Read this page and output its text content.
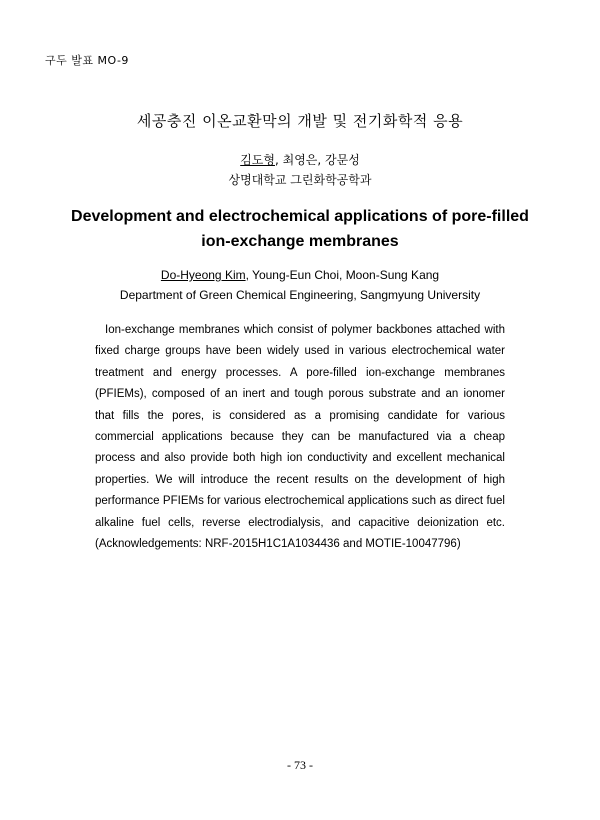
구두 발표 MO-9
세공충진 이온교환막의 개발 및 전기화학적 응용
김도형, 최영은, 강문성
상명대학교 그린화학공학과
Development and electrochemical applications of pore-filled ion-exchange membranes
Do-Hyeong Kim, Young-Eun Choi, Moon-Sung Kang
Department of Green Chemical Engineering, Sangmyung University

Ion-exchange membranes which consist of polymer backbones attached with fixed charge groups have been widely used in various electrochemical water treatment and energy processes. A pore-filled ion-exchange membranes (PFIEMs), composed of an inert and tough porous substrate and an ionomer that fills the pores, is considered as a promising candidate for various commercial applications because they can be manufactured via a cheap process and also provide both high ion conductivity and excellent mechanical properties. We will introduce the recent results on the development of high performance PFIEMs for various electrochemical applications such as direct fuel alkaline fuel cells, reverse electrodialysis, and capacitive deionization etc. (Acknowledgements: NRF-2015H1C1A1034436 and MOTIE-10047796)

- 73 -
